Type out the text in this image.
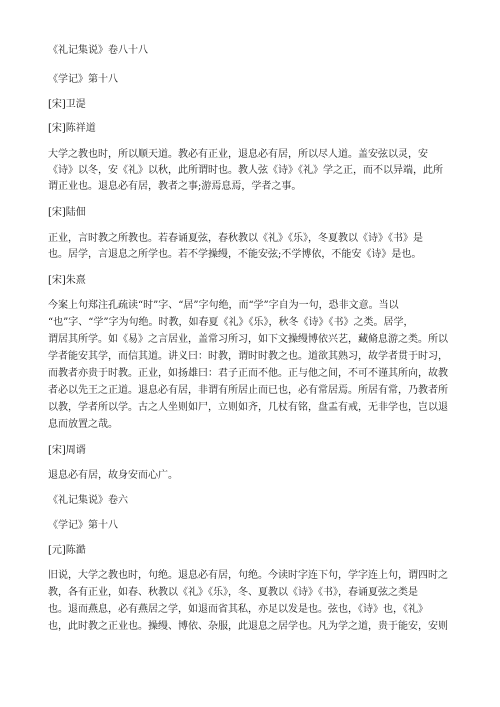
《礼记集说》卷八十八

《学记》第十八

[宋]卫湜

[宋]陈祥道

大学之教也时，所以顺天道。教必有正业，退息必有居，所以尽人道。盖安弦以灵，安

《诗》以冬，安《礼》以秋，此所谓时也。教人弦《诗》《礼》学之正，而不以异端，此所

谓正业也。退息必有居，教者之事;游焉息焉，学者之事。

[宋]陆佃

正业，言时教之所教也。若春诵夏弦，春秋教以《礼》《乐》，冬夏教以《诗》《书》是

也。居学，言退息之所学也。若不学操缦，不能安弦;不学博依，不能安《诗》是也。

[宋]朱熹

今案上句郑注孔疏读“时”字、“居”字句绝，而“学”字自为一句，恐非文意。当以

“也”字、“学”字为句绝。时教，如春夏《礼》《乐》，秋冬《诗》《书》之类。居学，

谓居其所学。如《易》之言居业，盖常习所习，如下文操缦博依兴艺，藏脩息游之类。所以

学者能安其学，而信其道。讲义曰：时教，谓时时教之也。道欲其熟习，故学者贯于时习，

而教者亦贵于时教。正业，如扬雄曰：君子正而不他。正与他之间，不可不谨其所向，故教

者必以先王之正道。退息必有居，非谓有所居止而已也，必有常居焉。所居有常，乃教者所

以教，学者所以学。古之人坐则如尸，立则如齐，几杖有铭，盘盂有戒，无非学也，岂以退

息而放置之哉。

[宋]周谞

退息必有居，故身安而心广。

《礼记集说》卷六

《学记》第十八

[元]陈澔

旧说，大学之教也时，句绝。退息必有居，句绝。今读时字连下句，学字连上句，谓四时之

教，各有正业，如春、秋教以《礼》《乐》，冬、夏教以《诗》《书》，春诵夏弦之类是

也。退而燕息，必有燕居之学，如退而省其私，亦足以发是也。弦也，《诗》也，《礼》

也，此时教之正业也。操缦、博依、杂服，此退息之居学也。凡为学之道，贵于能安，安则
